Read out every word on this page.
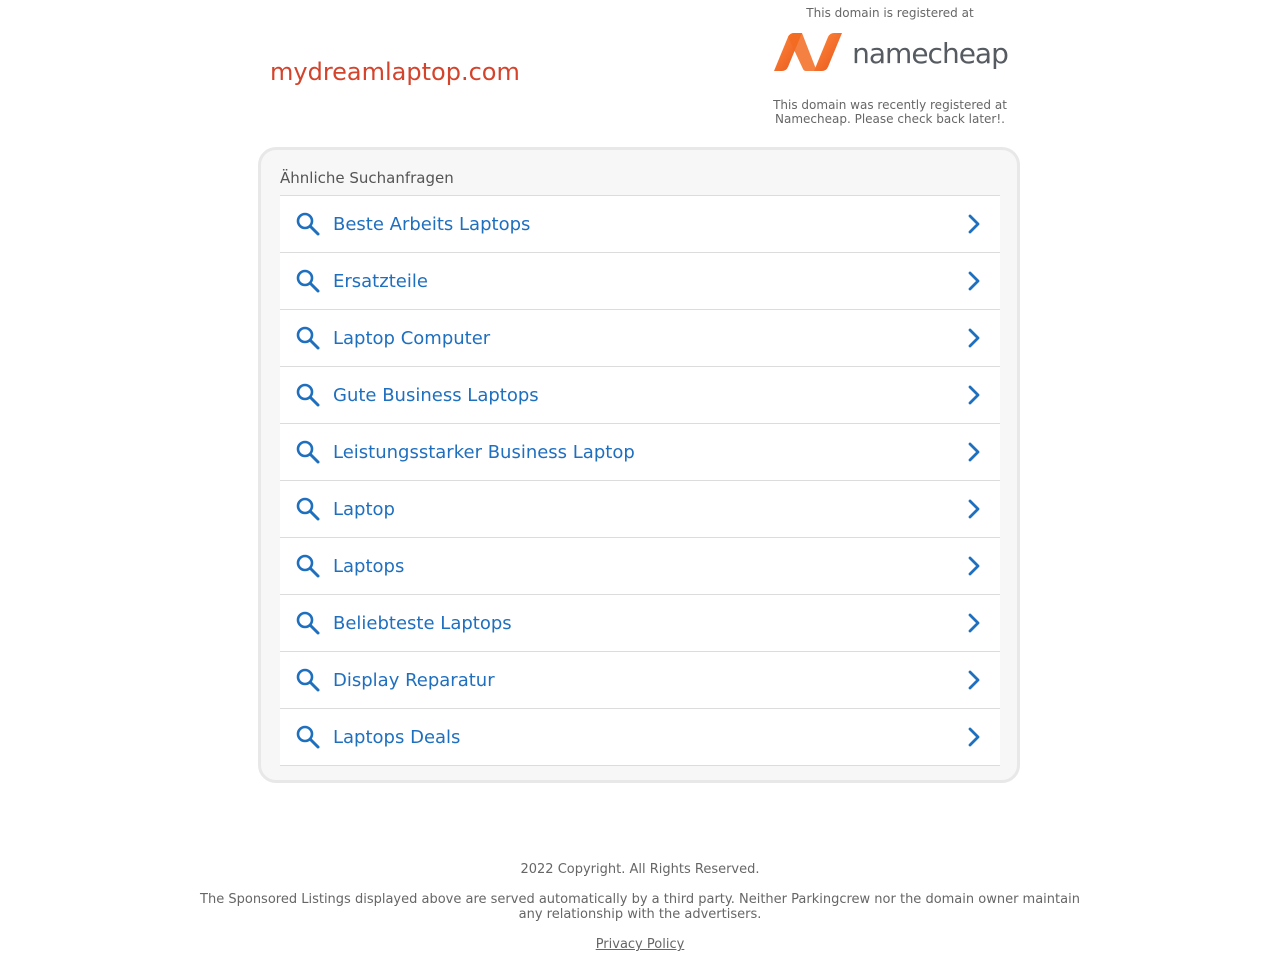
mydreamlaptop.com
This domain is registered at
namecheap
This domain was recently registered at Namecheap. Please check back later!.
Ähnliche Suchanfragen
Beste Arbeits Laptops
Ersatzteile
Laptop Computer
Gute Business Laptops
Leistungsstarker Business Laptop
Laptop
Laptops
Beliebteste Laptops
Display Reparatur
Laptops Deals
2022 Copyright. All Rights Reserved.
The Sponsored Listings displayed above are served automatically by a third party. Neither Parkingcrew nor the domain owner maintain any relationship with the advertisers.
Privacy Policy
